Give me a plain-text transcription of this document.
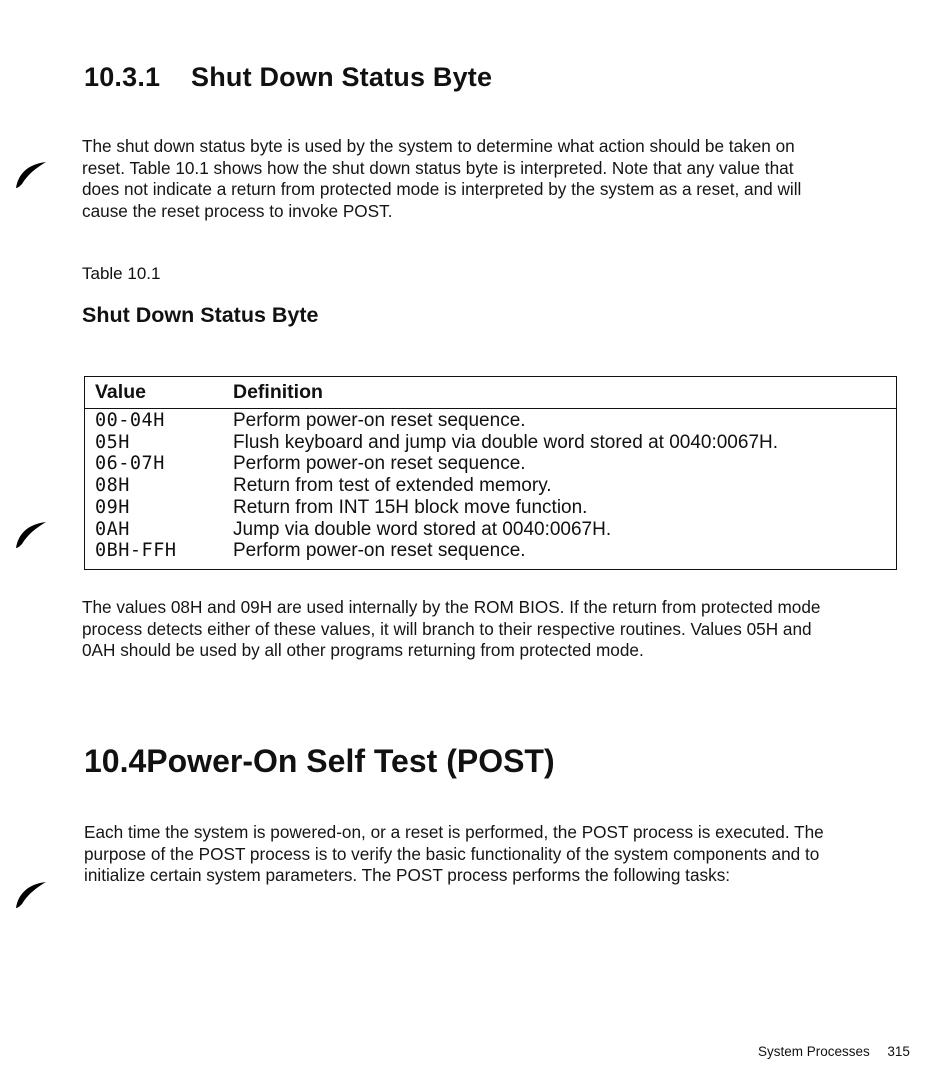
10.3.1 Shut Down Status Byte

The shut down status byte is used by the system to determine what action should be taken on

reset. Table 10.1 shows how the shut down status byte is interpreted. Note that any value that

does not indicate a return from protected mode is interpreted by the system as a reset, and will

cause the reset process to invoke POST.

Table 10.1
Shut Down Status Byte
Value	Definition
00-04H	Perform power-on reset sequence.
05H	Flush keyboard and jump via double word stored at 0040:0067H.
06-07H	Perform power-on reset sequence.
08H	Return from test of extended memory.
09H	Return from INT 15H block move function.
0AH	Jump via double word stored at 0040:0067H.
0BH-FFH	Perform power-on reset sequence.

The values 08H and 09H are used internally by the ROM BIOS. If the return from protected mode

process detects either of these values, it will branch to their respective routines. Values 05H and

0AH should be used by all other programs returning from protected mode.

10.4Power-On Self Test (POST)

Each time the system is powered-on, or a reset is performed, the POST process is executed. The

purpose of the POST process is to verify the basic functionality of the system components and to

initialize certain system parameters. The POST process performs the following tasks:

System Processes 315
